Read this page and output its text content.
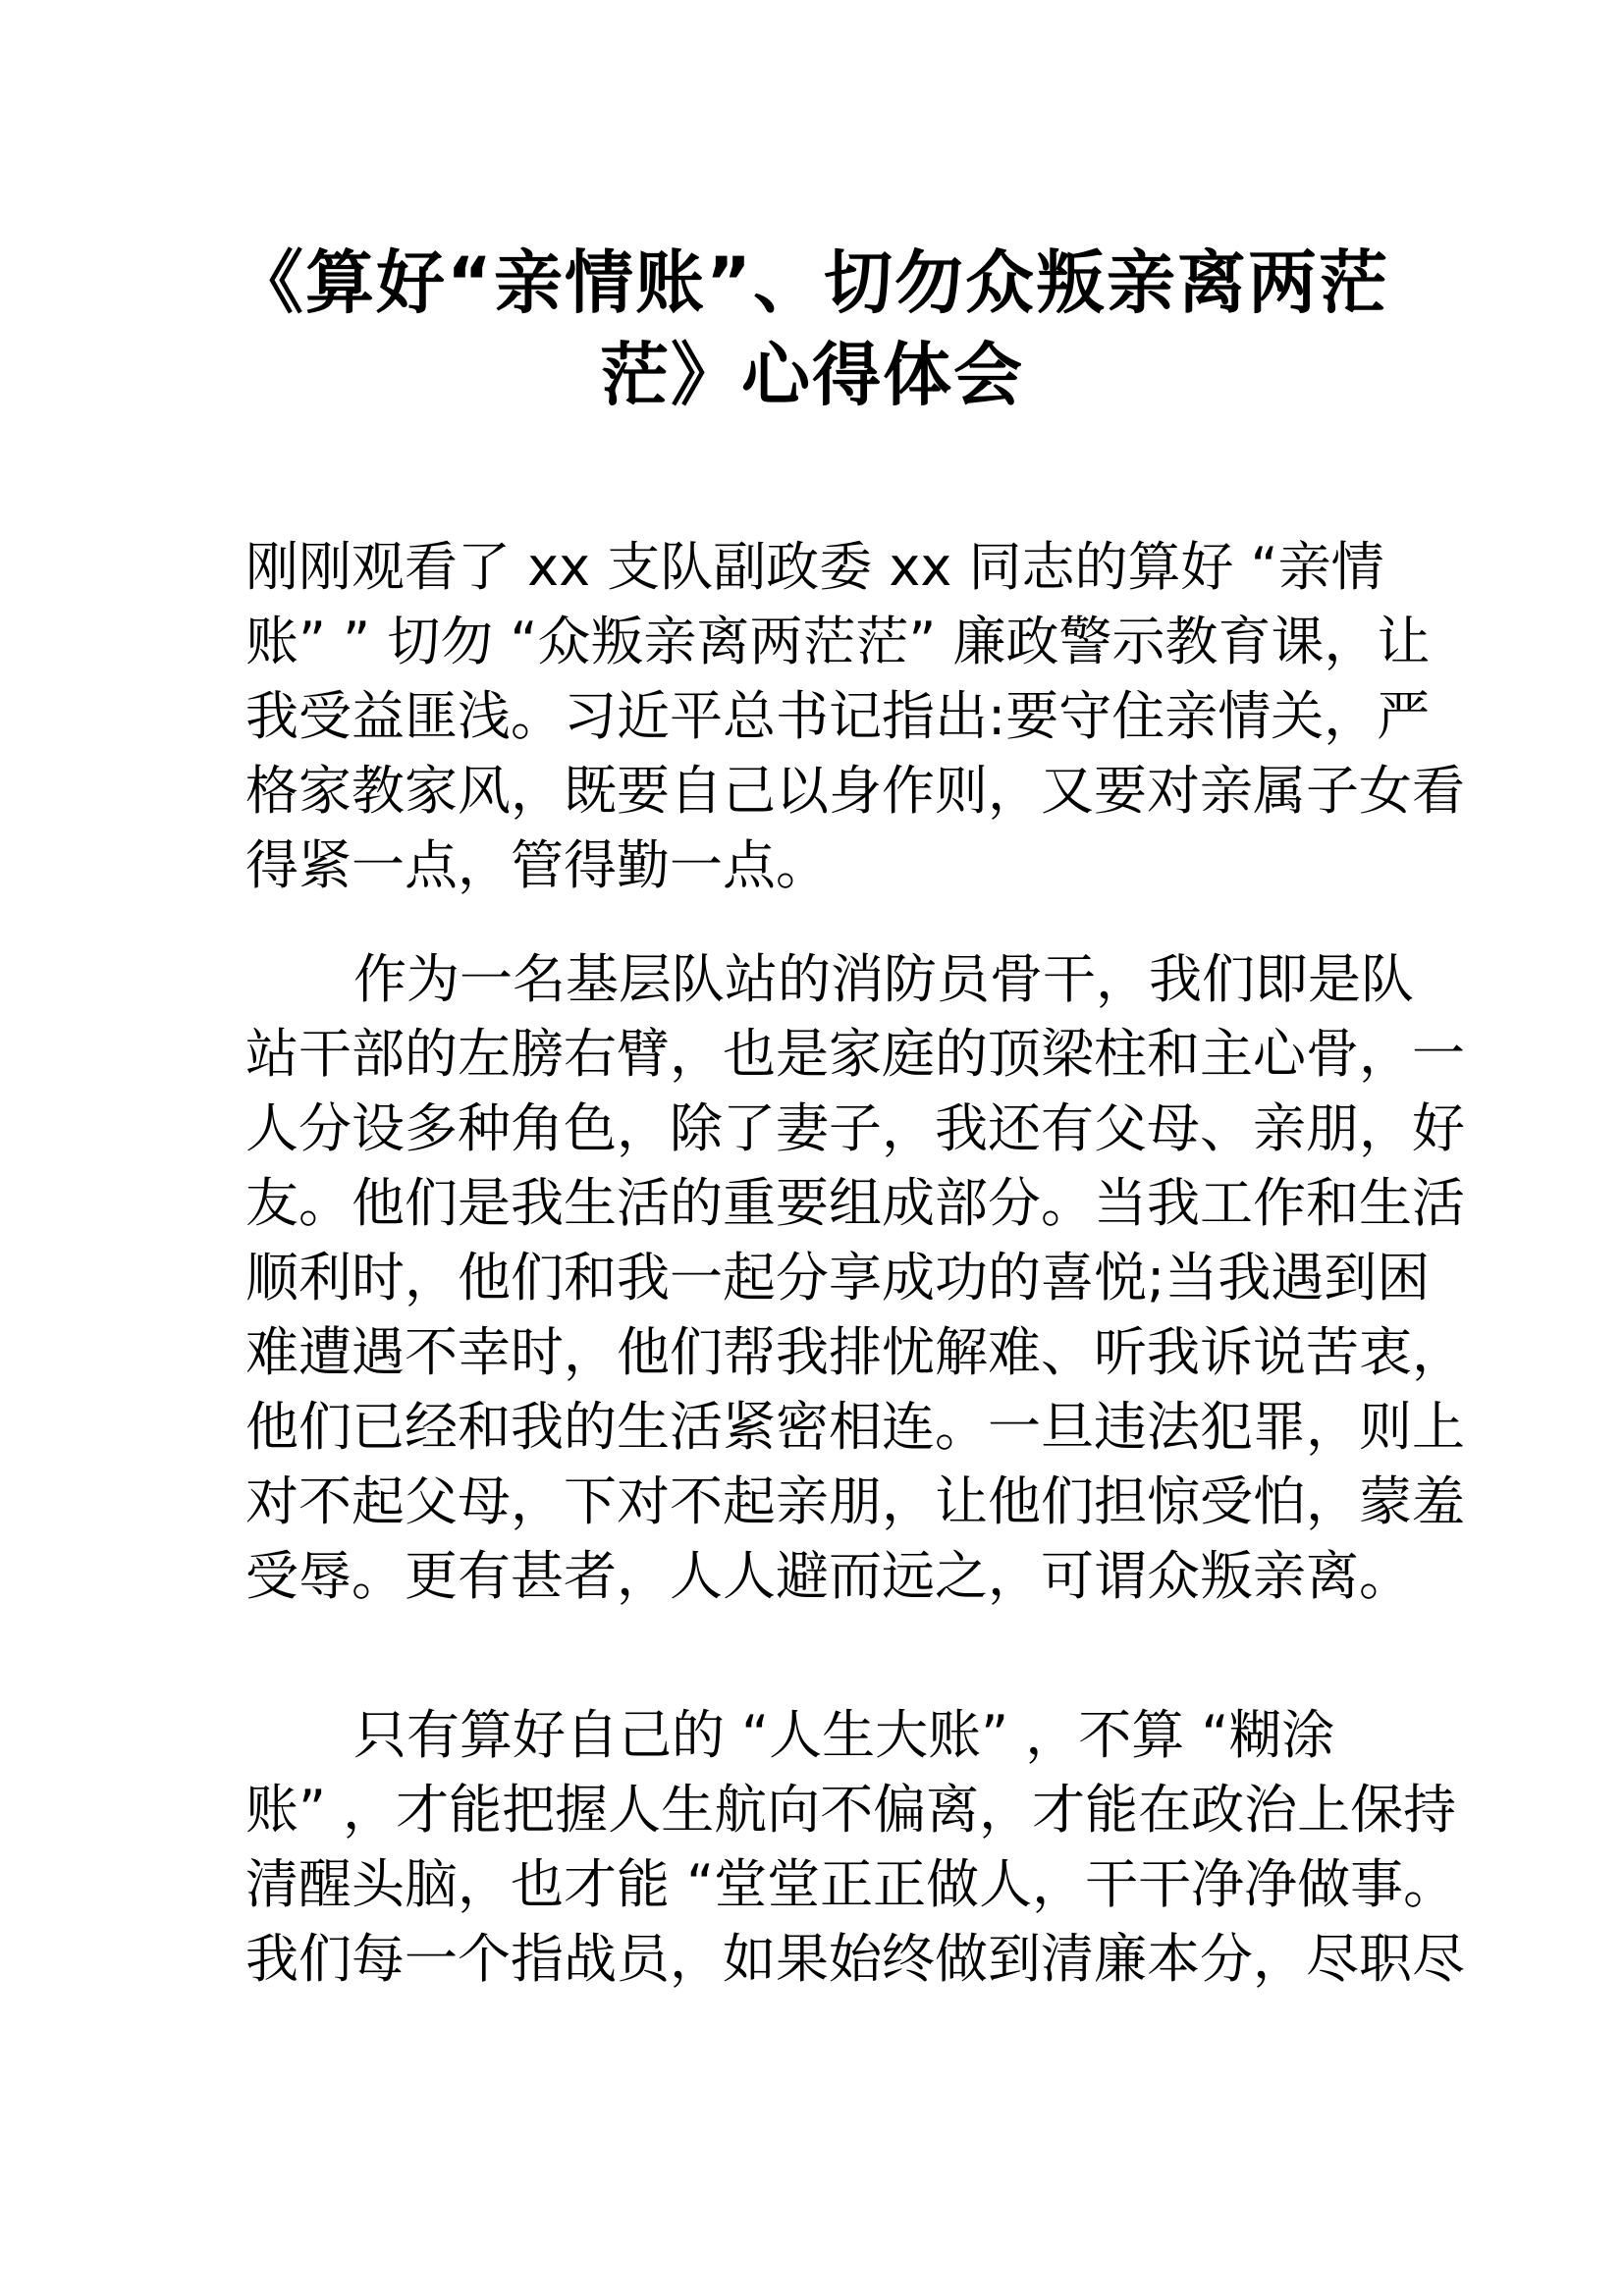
《算好“亲情账”、切勿众叛亲离两茫
茫》心得体会

刚刚观看了 xx 支队副政委 xx 同志的算好 “亲情

账” ” 切勿 “众叛亲离两茫茫” 廉政警示教育课，让

我受益匪浅。习近平总书记指出:要守住亲情关，严

格家教家风，既要自己以身作则，又要对亲属子女看

得紧一点，管得勤一点。

作为一名基层队站的消防员骨干，我们即是队

站干部的左膀右臂，也是家庭的顶梁柱和主心骨，一

人分设多种角色，除了妻子，我还有父母、亲朋，好

友。他们是我生活的重要组成部分。当我工作和生活

顺利时，他们和我一起分享成功的喜悦;当我遇到困

难遭遇不幸时，他们帮我排忧解难、听我诉说苦衷，

他们已经和我的生活紧密相连。一旦违法犯罪，则上

对不起父母，下对不起亲朋，让他们担惊受怕，蒙羞

受辱。更有甚者，人人避而远之，可谓众叛亲离。

只有算好自己的 “人生大账” ，不算 “糊涂

账” ，才能把握人生航向不偏离，才能在政治上保持

清醒头脑，也才能 “堂堂正正做人，干干净净做事。

我们每一个指战员，如果始终做到清廉本分，尽职尽
